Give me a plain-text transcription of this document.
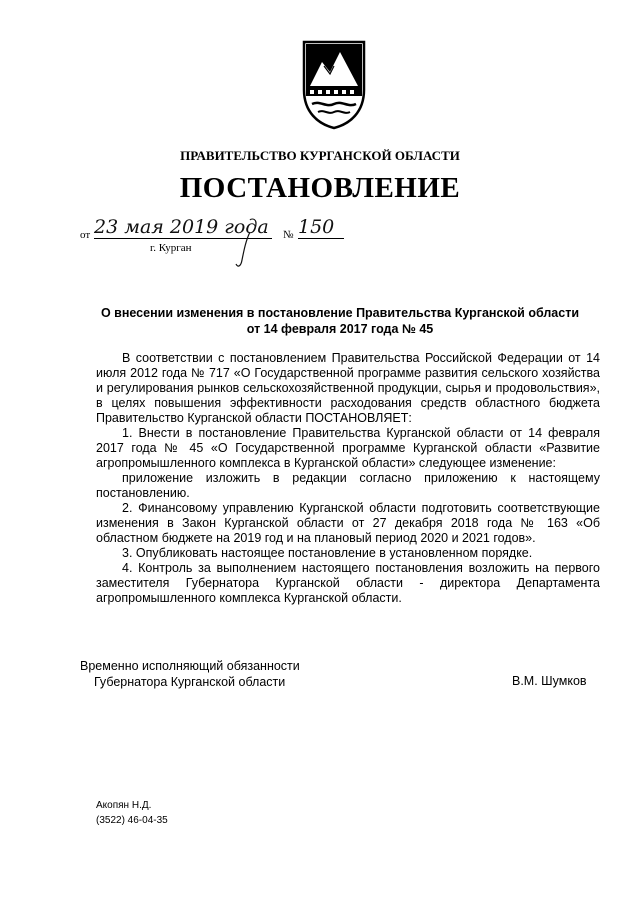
ПРАВИТЕЛЬСТВО КУРГАНСКОЙ ОБЛАСТИ
ПОСТАНОВЛЕНИЕ
от 23 мая 2019 года № 150
г. Курган
О внесении изменения в постановление Правительства Курганской области
от 14 февраля 2017 года № 45

В соответствии с постановлением Правительства Российской Федерации от 14 июля 2012 года № 717 «О Государственной программе развития сельского хозяйства и регулирования рынков сельскохозяйственной продукции, сырья и продовольствия», в целях повышения эффективности расходования средств областного бюджета Правительство Курганской области ПОСТАНОВЛЯЕТ:

1. Внести в постановление Правительства Курганской области от 14 февраля 2017 года № 45 «О Государственной программе Курганской области «Развитие агропромышленного комплекса в Курганской области» следующее изменение:

приложение изложить в редакции согласно приложению к настоящему постановлению.

2. Финансовому управлению Курганской области подготовить соответствующие изменения в Закон Курганской области от 27 декабря 2018 года № 163 «Об областном бюджете на 2019 год и на плановый период 2020 и 2021 годов».

3. Опубликовать настоящее постановление в установленном порядке.

4. Контроль за выполнением настоящего постановления возложить на первого заместителя Губернатора Курганской области - директора Департамента агропромышленного комплекса Курганской области.

Временно исполняющий обязанности
Губернатора Курганской области	В.М. Шумков
Акопян Н.Д.
(3522) 46-04-35
